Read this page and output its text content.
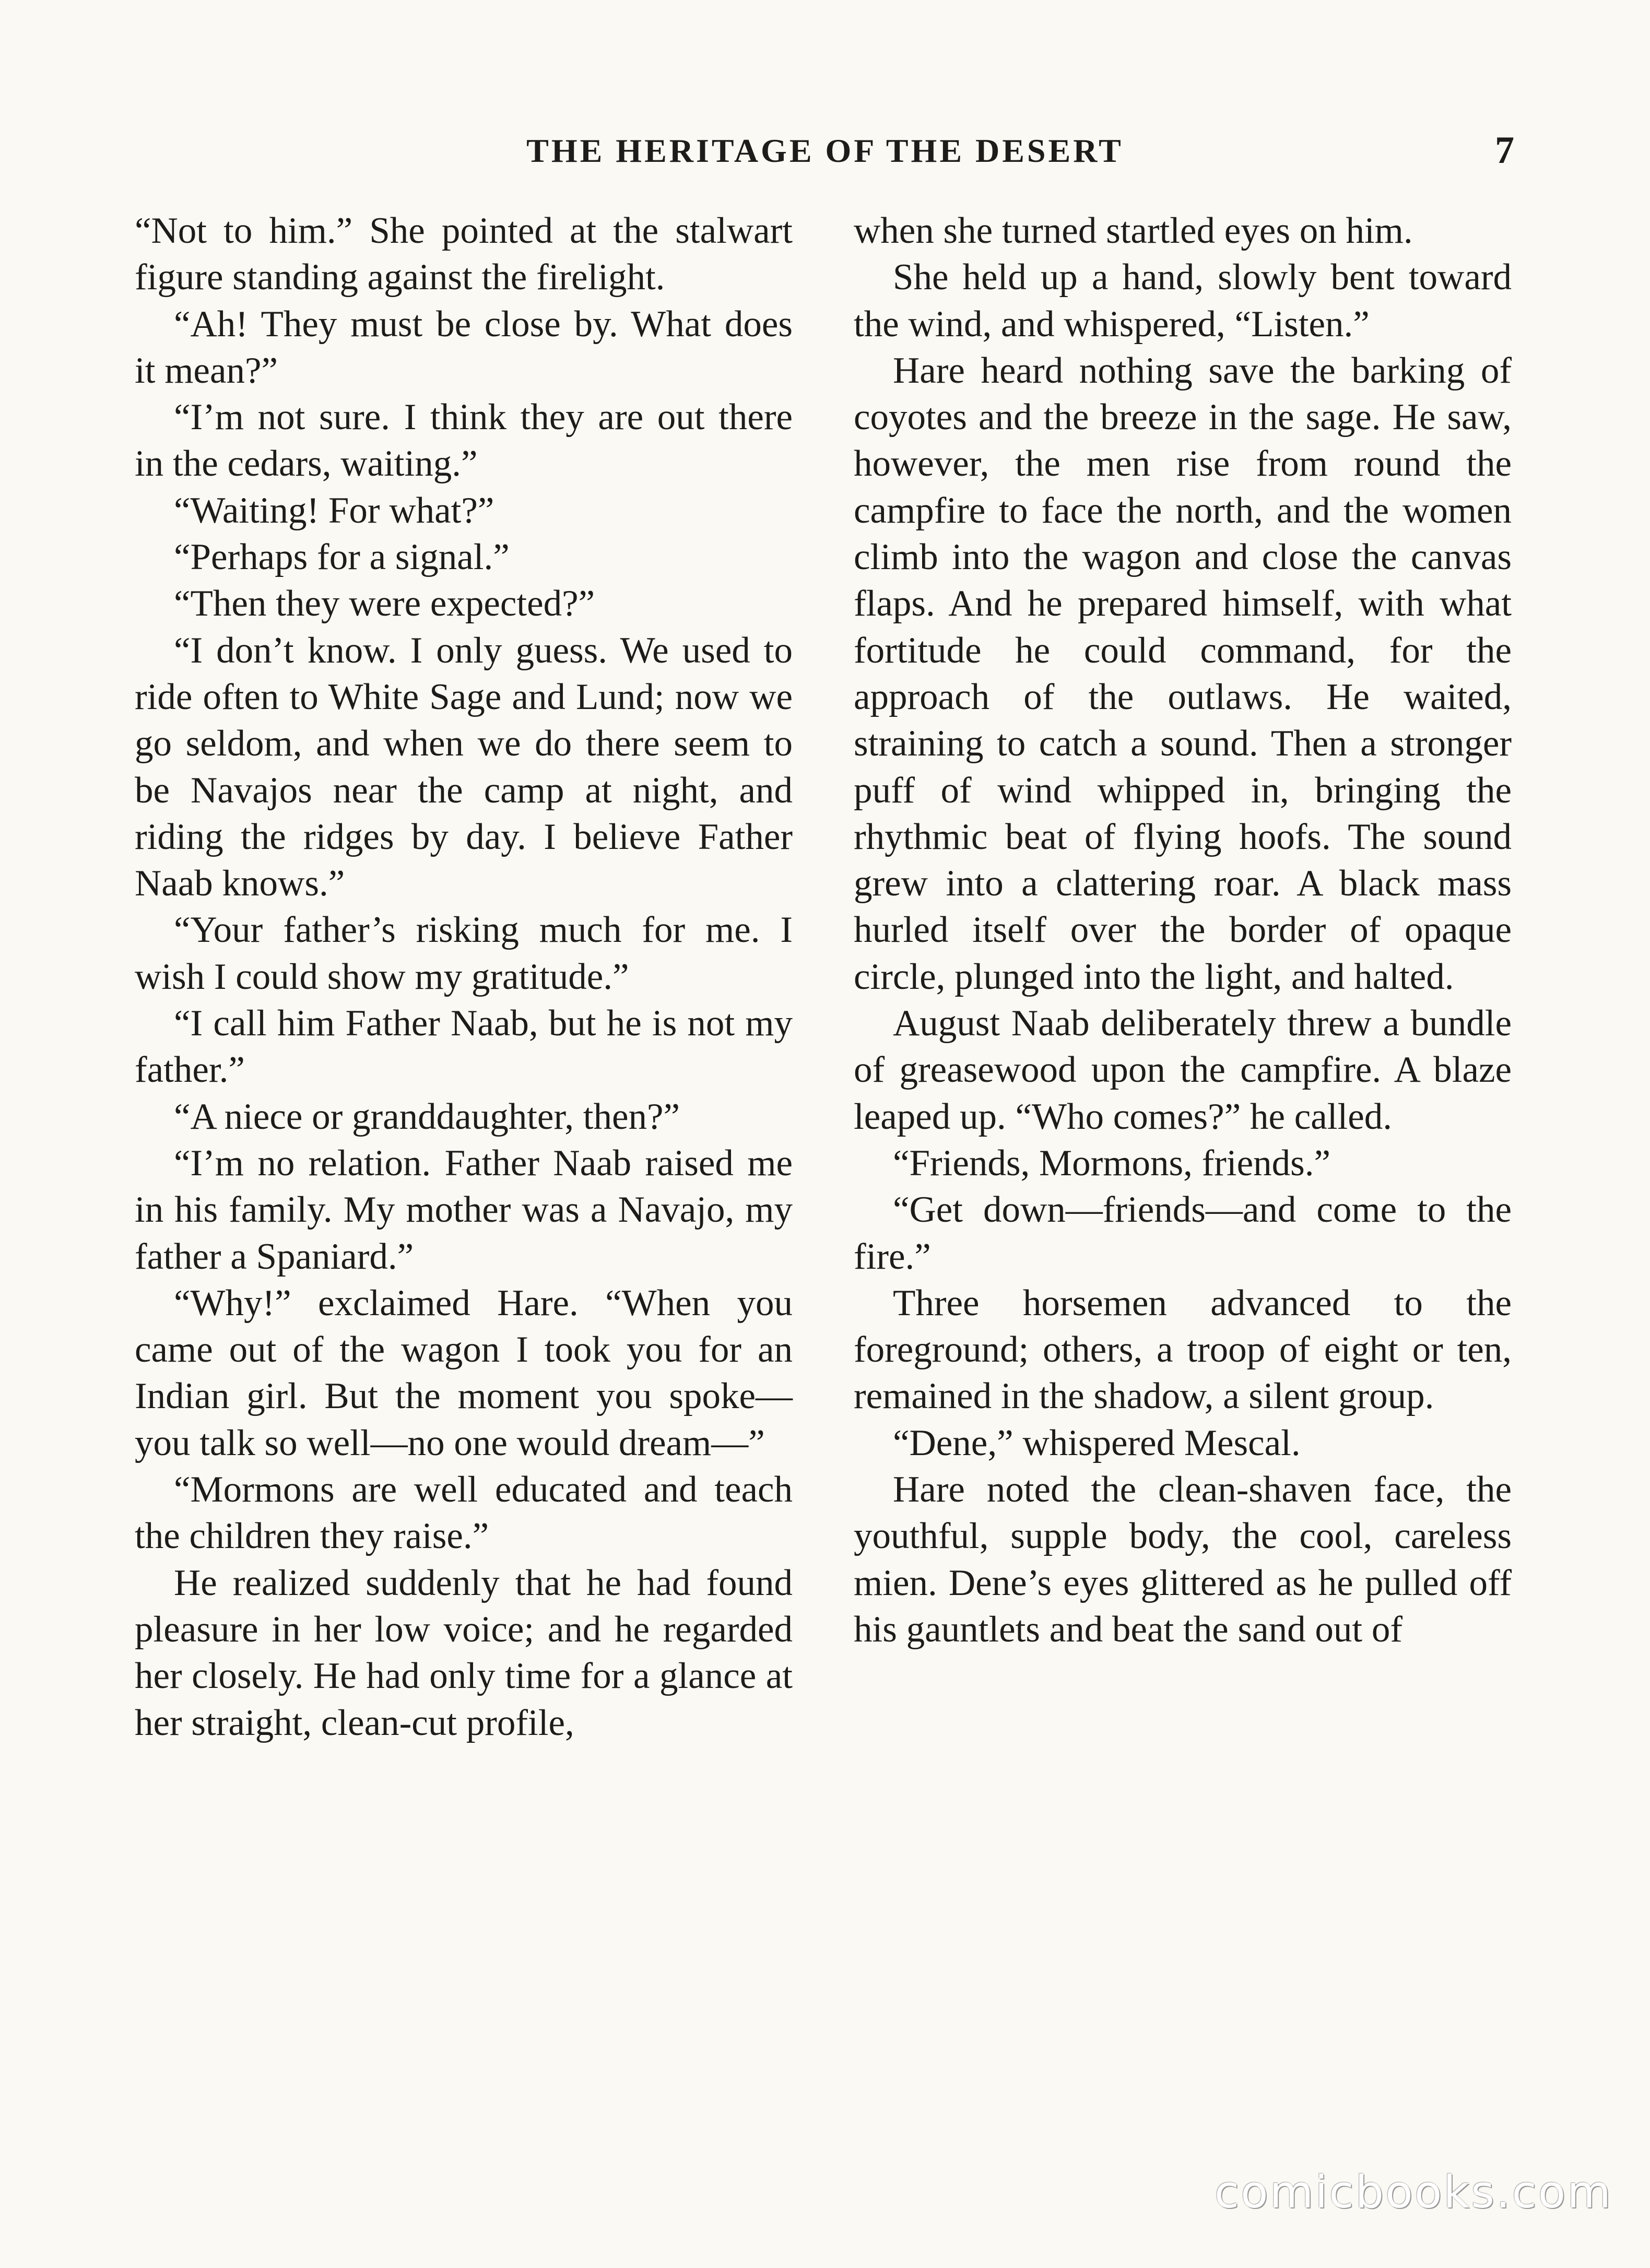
THE HERITAGE OF THE DESERT	7

“Not to him.” She pointed at the stalwart figure standing against the firelight.

“Ah! They must be close by. What does it mean?”

“I’m not sure. I think they are out there in the cedars, waiting.”

“Waiting! For what?”

“Perhaps for a signal.”

“Then they were expected?”

“I don’t know. I only guess. We used to ride often to White Sage and Lund; now we go seldom, and when we do there seem to be Navajos near the camp at night, and riding the ridges by day. I believe Father Naab knows.”

“Your father’s risking much for me. I wish I could show my gratitude.”

“I call him Father Naab, but he is not my father.”

“A niece or granddaughter, then?”

“I’m no relation. Father Naab raised me in his family. My mother was a Navajo, my father a Spaniard.”

“Why!” exclaimed Hare. “When you came out of the wagon I took you for an Indian girl. But the moment you spoke—you talk so well—no one would dream—”

“Mormons are well educated and teach the children they raise.”

He realized suddenly that he had found pleasure in her low voice; and he regarded her closely. He had only time for a glance at her straight, clean-cut profile,

when she turned startled eyes on him.

She held up a hand, slowly bent toward the wind, and whispered, “Listen.”

Hare heard nothing save the barking of coyotes and the breeze in the sage. He saw, however, the men rise from round the campfire to face the north, and the women climb into the wagon and close the canvas flaps. And he prepared himself, with what fortitude he could command, for the approach of the outlaws. He waited, straining to catch a sound. Then a stronger puff of wind whipped in, bringing the rhythmic beat of flying hoofs. The sound grew into a clattering roar. A black mass hurled itself over the border of opaque circle, plunged into the light, and halted.

August Naab deliberately threw a bundle of greasewood upon the campfire. A blaze leaped up. “Who comes?” he called.

“Friends, Mormons, friends.”

“Get down—friends—and come to the fire.”

Three horsemen advanced to the foreground; others, a troop of eight or ten, remained in the shadow, a silent group.

“Dene,” whispered Mescal.

Hare noted the clean-shaven face, the youthful, supple body, the cool, careless mien. Dene’s eyes glittered as he pulled off his gauntlets and beat the sand out of

comicbooks.com
